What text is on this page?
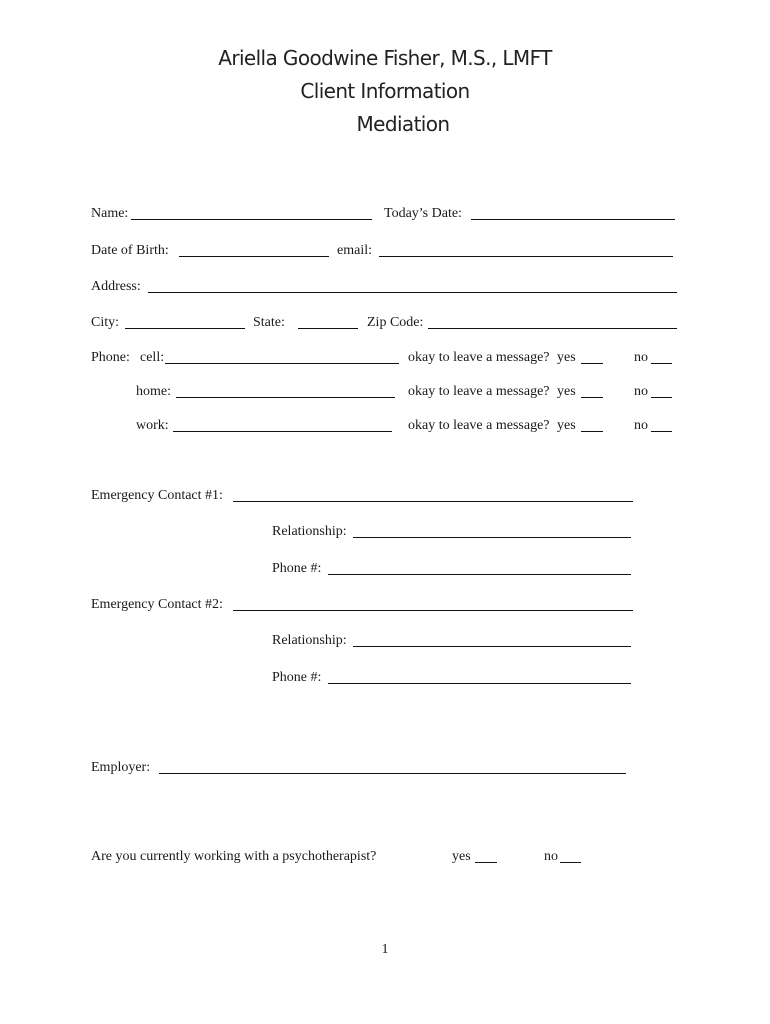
Ariella Goodwine Fisher, M.S., LMFT
Client Information
Mediation
Name:	Today’s Date:
Date of Birth:	email:
Address:
City:	State:	Zip Code:
Phone: cell:	okay to leave a message? yes	no
home:	okay to leave a message? yes	no
work:	okay to leave a message? yes	no
Emergency Contact #1:
Relationship:
Phone #:
Emergency Contact #2:
Relationship:
Phone #:
Employer:
Are you currently working with a psychotherapist?	yes	no
1
